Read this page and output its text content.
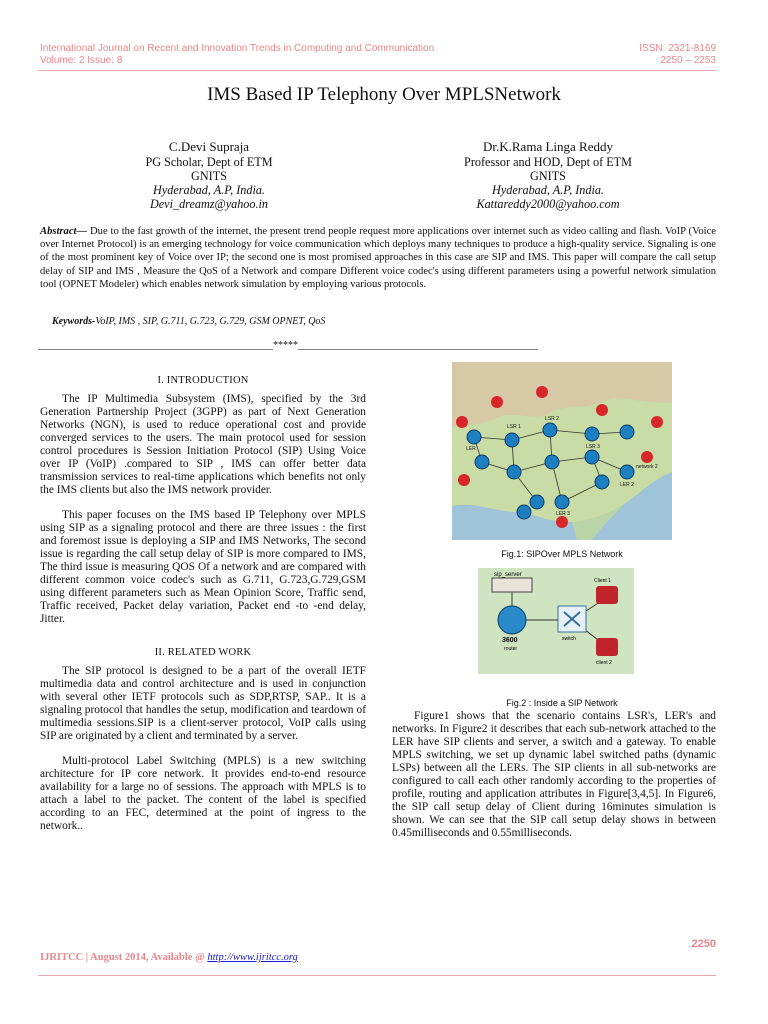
International Journal on Recent and Innovation Trends in Computing and Communication
Volume: 2 Issue: 8
ISSN: 2321-8169
2250 – 2253
IMS Based IP Telephony Over MPLSNetwork
C.Devi Supraja
PG Scholar, Dept of ETM
GNITS
Hyderabad, A.P, India.
Devi_dreamz@yahoo.in
Dr.K.Rama Linga Reddy
Professor and HOD, Dept of ETM
GNITS
Hyderabad, A.P, India.
Kattareddy2000@yahoo.com
Abstract— Due to the fast growth of the internet, the present trend people request more applications over internet such as video calling and flash. VoIP (Voice over Internet Protocol) is an emerging technology for voice communication which deploys many techniques to produce a high-quality service. Signaling is one of the most prominent key of Voice over IP; the second one is most promised approaches in this case are SIP and IMS. This paper will compare the call setup delay of SIP and IMS , Measure the QoS of a Network and compare Different voice codec's using different parameters using a powerful network simulation tool (OPNET Modeler) which enables network simulation by employing various protocols.
Keywords-VoIP, IMS , SIP, G.711, G.723, G.729, GSM OPNET, QoS
_______________________________________________*****________________________________________________
I. INTRODUCTION

The IP Multimedia Subsystem (IMS), specified by the 3rd Generation Partnership Project (3GPP) as part of Next Generation Networks (NGN), is used to reduce operational cost and provide converged services to the users. The main protocol used for session control procedures is Session Initiation Protocol (SIP) Using Voice over IP (VoIP) .compared to SIP , IMS can offer better data transmission services to real-time applications which benefits not only the IMS clients but also the IMS network provider.

This paper focuses on the IMS based IP Telephony over MPLS using SIP as a signaling protocol and there are three issues : the first and foremost issue is deploying a SIP and IMS Networks, The second issue is regarding the call setup delay of SIP is more compared to IMS, The third issue is measuring QOS Of a network and are compared with different common voice codec's such as G.711, G.723,G.729,GSM using different parameters such as Mean Opinion Score, Traffic send, Traffic received, Packet delay variation, Packet end -to -end delay, Jitter.

II. RELATED WORK

The SIP protocol is designed to be a part of the overall IETF multimedia data and control architecture and is used in conjunction with several other IETF protocols such as SDP,RTSP, SAP.. It is a signaling protocol that handles the setup, modification and teardown of multimedia sessions.SIP is a client-server protocol, VoIP calls using SIP are originated by a client and terminated by a server.

Multi-protocol Label Switching (MPLS) is a new switching architecture for IP core network. It provides end-to-end resource availability for a large no of sessions. The approach with MPLS is to attach a label to the packet. The content of the label is specified according to an FEC, determined at the point of ingress to the network..

LSR 1
LSR 2
LSR 3
LER
LER 2
LER 3
network 2
Fig.1: SIPOver MPLS Network
sip_server
3600
router
switch
Client 1
client 2
Fig.2 : Inside a SIP Network

Figure1 shows that the scenario contains LSR's, LER's and networks. In Figure2 it describes that each sub-network attached to the LER have SIP clients and server, a switch and a gateway. To enable MPLS switching, we set up dynamic label switched paths (dynamic LSPs) between all the LERs. The SIP clients in all sub-networks are configured to call each other randomly according to the properties of profile, routing and application attributes in Figure[3,4,5]. In Figure6, the SIP call setup delay of Client during 16minutes simulation is shown. We can see that the SIP call setup delay shows in between 0.45milliseconds and 0.55milliseconds.

2250
IJRITCC | August 2014, Available @ http://www.ijritcc.org
